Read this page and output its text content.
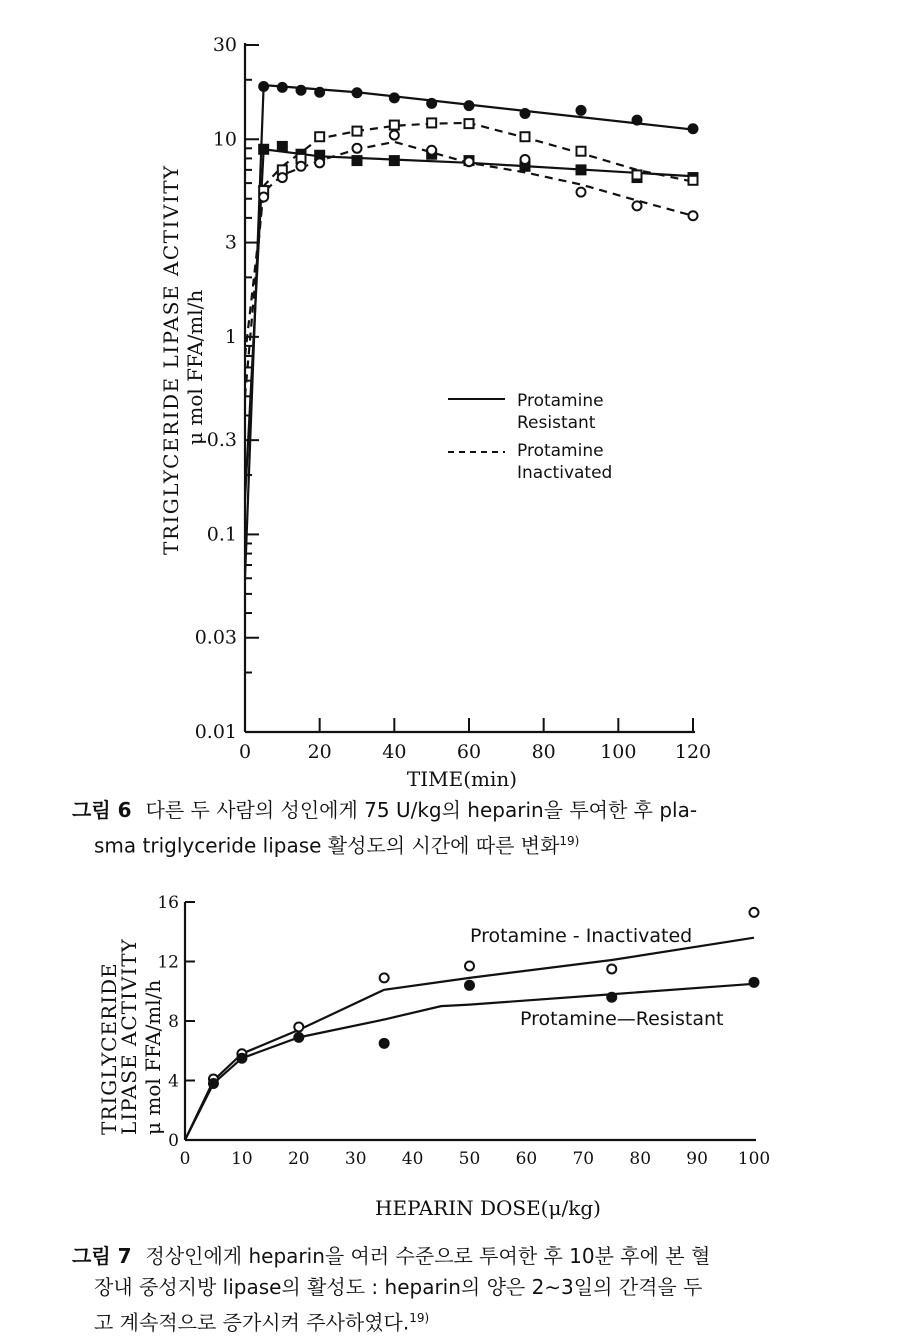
30
10
3
1
0.3
0.1
0.03
0.01
0	20	40	60	80 100 120
TRIGLYCERIDE LIPASE ACTIVITY μ mol FFA/ml/h
TIME(min)
Protamine
Resistant
Protamine
Inactivated
그림 6 다른 두 사람의 성인에게 75 U/kg의 heparin을 투여한 후 pla-
sma triglyceride lipase 활성도의 시간에 따른 변화$^{19)}$
0
4
8
12
16
0 10 20 30 40 50 60 70 80 90 100
TRIGLYCERIDE
LIPASE ACTIVITY μ mol FFA/ml/h
HEPARIN DOSE(μ/kg)
Protamine - Inactivated
Protamine—Resistant
그림 7 정상인에게 heparin을 여러 수준으로 투여한 후 10분 후에 본 혈
장내 중성지방 lipase의 활성도 : heparin의 양은 2∼3일의 간격을 두
고 계속적으로 증가시켜 주사하였다.$^{19)}$
